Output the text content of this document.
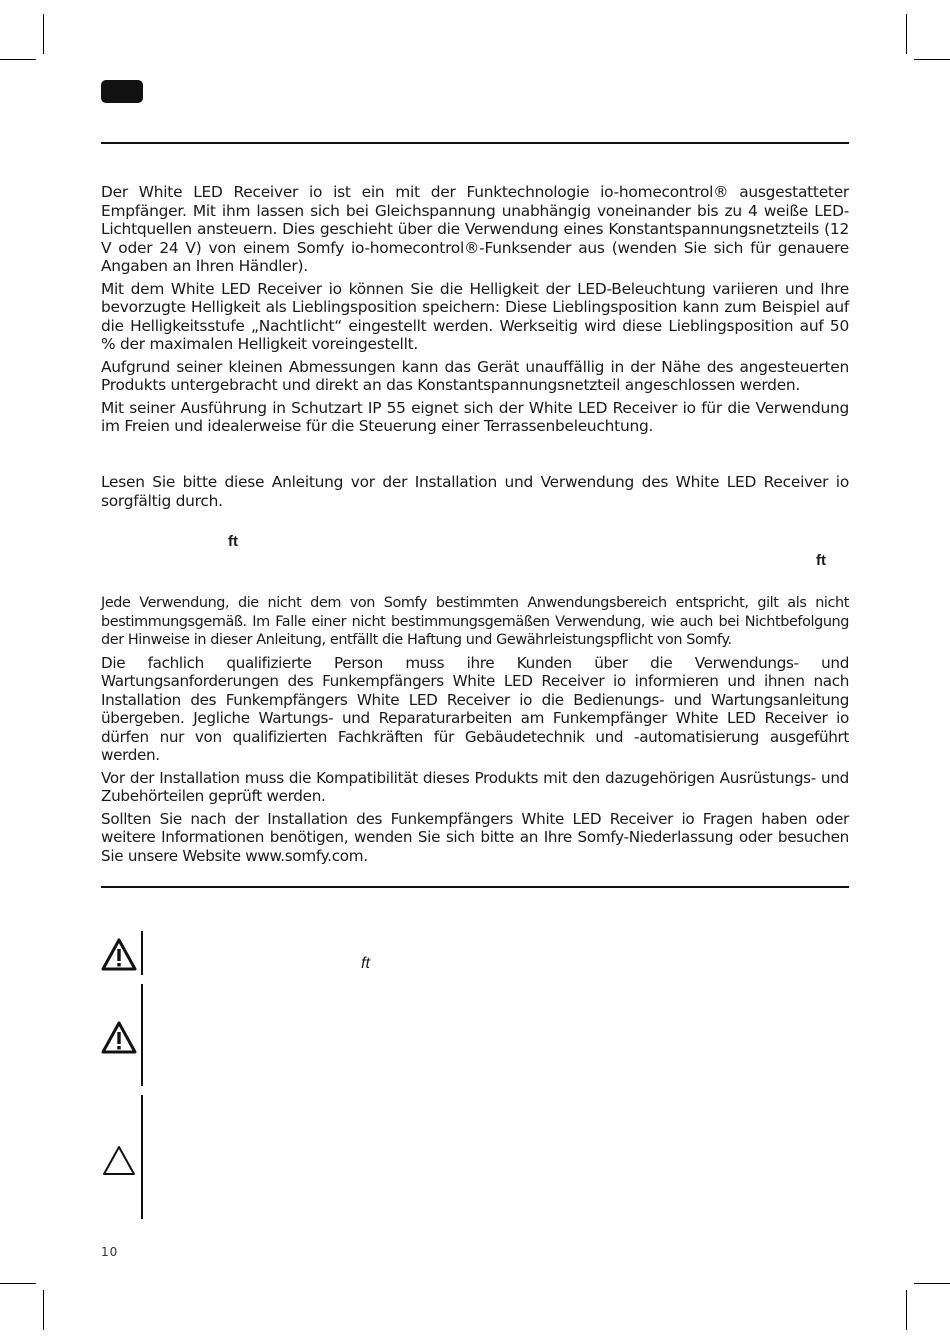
Der White LED Receiver io ist ein mit der Funktechnologie io-homecontrol® ausgestatteter Empfänger. Mit ihm lassen sich bei Gleichspannung unabhängig voneinander bis zu 4 weiße LED-Lichtquellen ansteuern. Dies geschieht über die Verwendung eines Konstantspannungsnetzteils (12 V oder 24 V) von einem Somfy io-homecontrol®-Funksender aus (wenden Sie sich für genauere Angaben an Ihren Händler).

Mit dem White LED Receiver io können Sie die Helligkeit der LED-Beleuchtung variieren und Ihre bevorzugte Helligkeit als Lieblingsposition speichern: Diese Lieblingsposition kann zum Beispiel auf die Helligkeitsstufe „Nachtlicht“ eingestellt werden. Werkseitig wird diese Lieblingsposition auf 50 % der maximalen Helligkeit voreingestellt.

Aufgrund seiner kleinen Abmessungen kann das Gerät unauffällig in der Nähe des angesteuerten Produkts untergebracht und direkt an das Konstantspannungsnetzteil angeschlossen werden.

Mit seiner Ausführung in Schutzart IP 55 eignet sich der White LED Receiver io für die Verwendung im Freien und idealerweise für die Steuerung einer Terrassenbeleuchtung.

Lesen Sie bitte diese Anleitung vor der Installation und Verwendung des White LED Receiver io sorgfältig durch.

ft
ft

Jede Verwendung, die nicht dem von Somfy bestimmten Anwendungsbereich entspricht, gilt als nicht bestimmungsgemäß. Im Falle einer nicht bestimmungsgemäßen Verwendung, wie auch bei Nichtbefolgung der Hinweise in dieser Anleitung, entfällt die Haftung und Gewährleistungspflicht von Somfy.

Die fachlich qualifizierte Person muss ihre Kunden über die Verwendungs- und Wartungsanforderungen des Funkempfängers White LED Receiver io informieren und ihnen nach Installation des Funkempfängers White LED Receiver io die Bedienungs- und Wartungsanleitung übergeben. Jegliche Wartungs- und Reparaturarbeiten am Funkempfänger White LED Receiver io dürfen nur von qualifizierten Fachkräften für Gebäudetechnik und -automatisierung ausgeführt werden.

Vor der Installation muss die Kompatibilität dieses Produkts mit den dazugehörigen Ausrüstungs- und Zubehörteilen geprüft werden.

Sollten Sie nach der Installation des Funkempfängers White LED Receiver io Fragen haben oder weitere Informationen benötigen, wenden Sie sich bitte an Ihre Somfy-Niederlassung oder besuchen Sie unsere Website www.somfy.com.

ft
10
